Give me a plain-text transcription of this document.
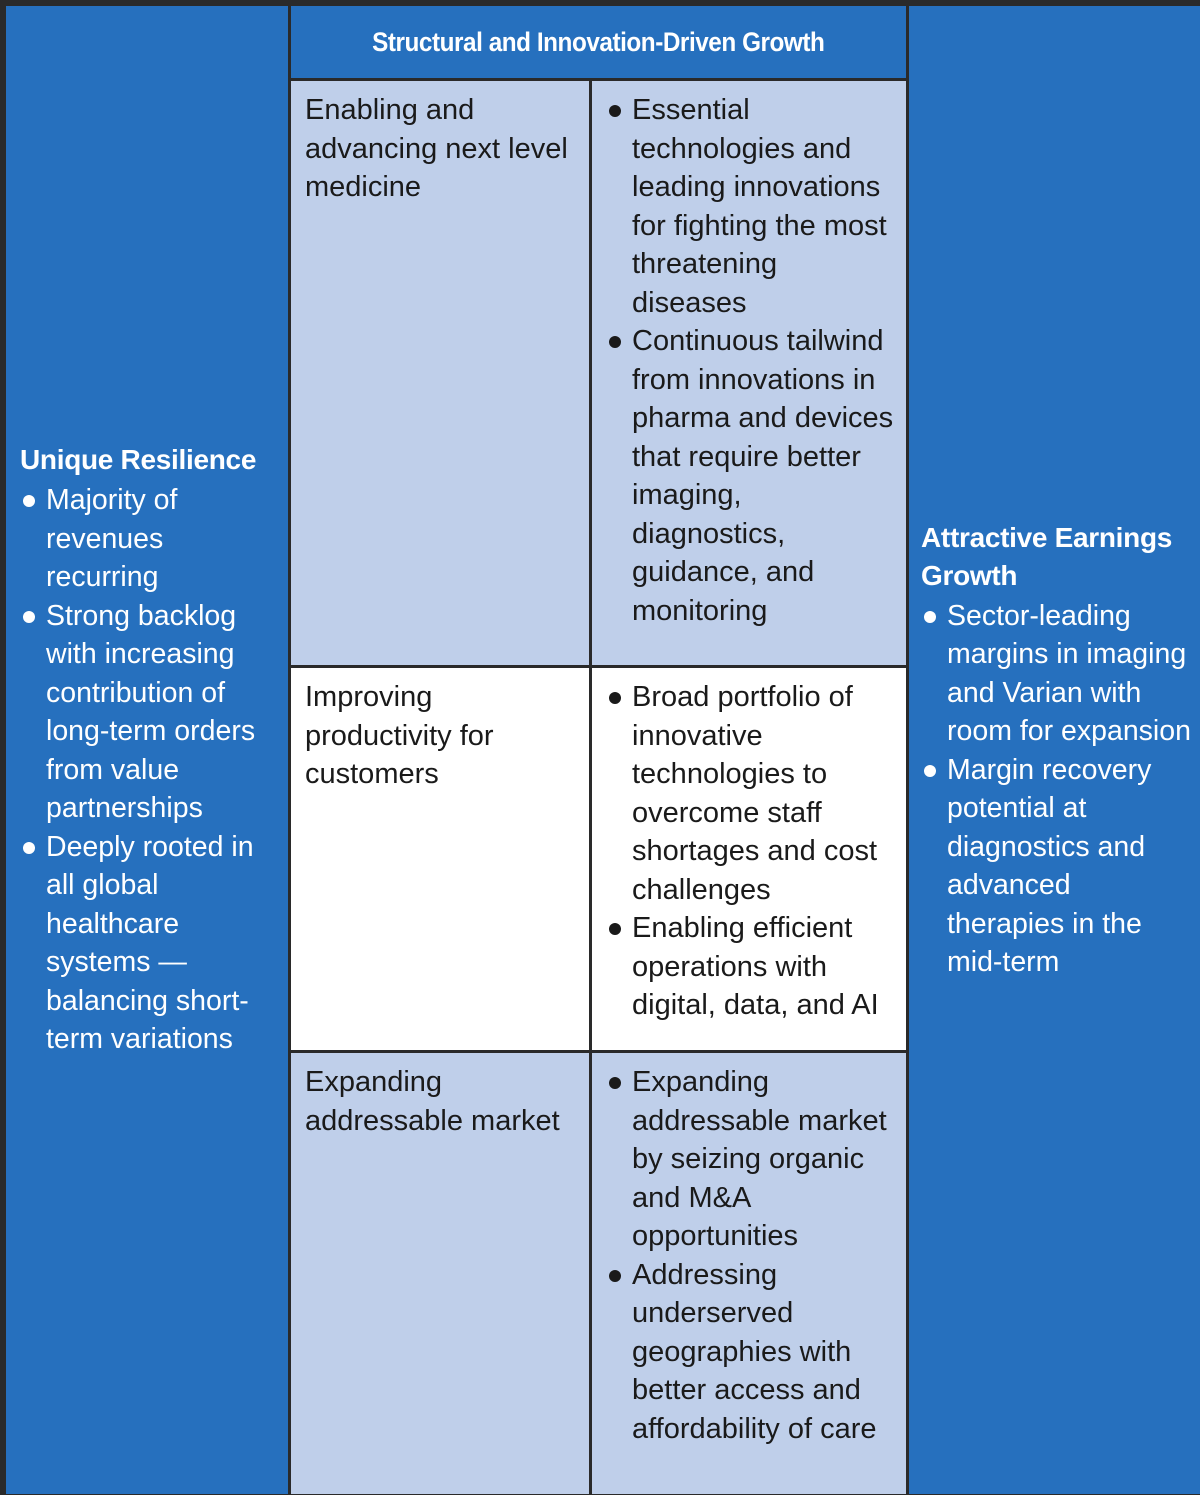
Unique Resilience
Majority of revenues recurring
Strong backlog with increasing contribution of long-term orders from value partnerships
Deeply rooted in all global healthcare systems — balancing short-term variations
Structural and Innovation-Driven Growth
Attractive Earnings Growth
Sector-leading margins in imaging and Varian with room for expansion
Margin recovery potential at diagnostics and advanced therapies in the mid-term
Enabling and advancing next level medicine
Essential technologies and leading innovations for fighting the most threatening diseases
Continuous tailwind from innovations in pharma and devices that require better imaging, diagnostics, guidance, and monitoring
Improving productivity for customers
Broad portfolio of innovative technologies to overcome staff shortages and cost challenges
Enabling efficient operations with digital, data, and AI
Expanding addressable market
Expanding addressable market by seizing organic and M&A opportunities
Addressing underserved geographies with better access and affordability of care
